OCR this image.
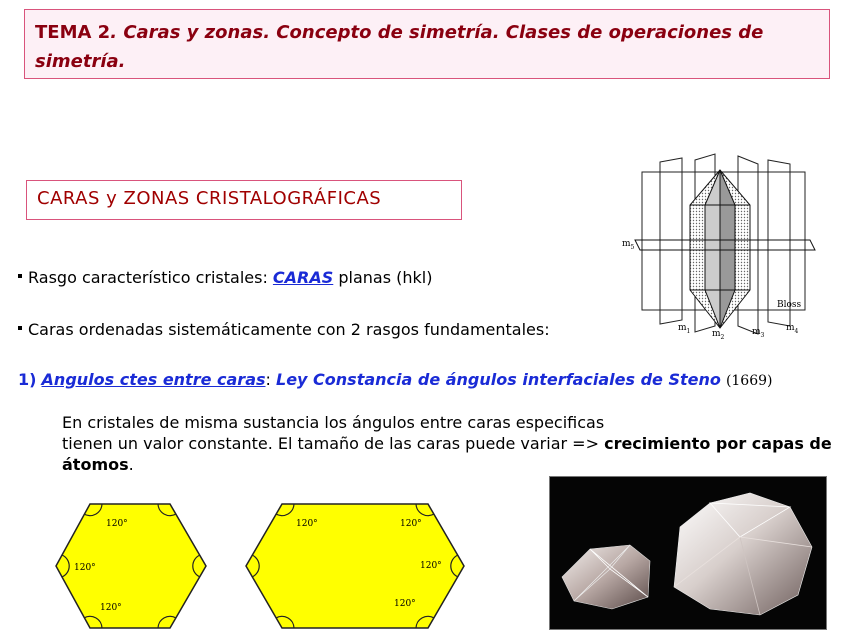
TEMA 2. Caras y zonas. Concepto de simetría. Clases de operaciones de simetría.
CARAS y ZONAS CRISTALOGRÁFICAS
Rasgo característico cristales: CARAS planas (hkl)
Caras ordenadas sistemáticamente con 2 rasgos fundamentales:
1) Angulos ctes entre caras: Ley Constancia de ángulos interfaciales de Steno (1669)
En cristales de misma sustancia los ángulos entre caras especificas
tienen un valor constante. El tamaño de las caras puede variar => crecimiento por capas de átomos.
$m_5$
$m_1$ $m_2$
$m_3$
$m_4$
Bloss
120°
120°
120°
120°	120°
120°
120°
